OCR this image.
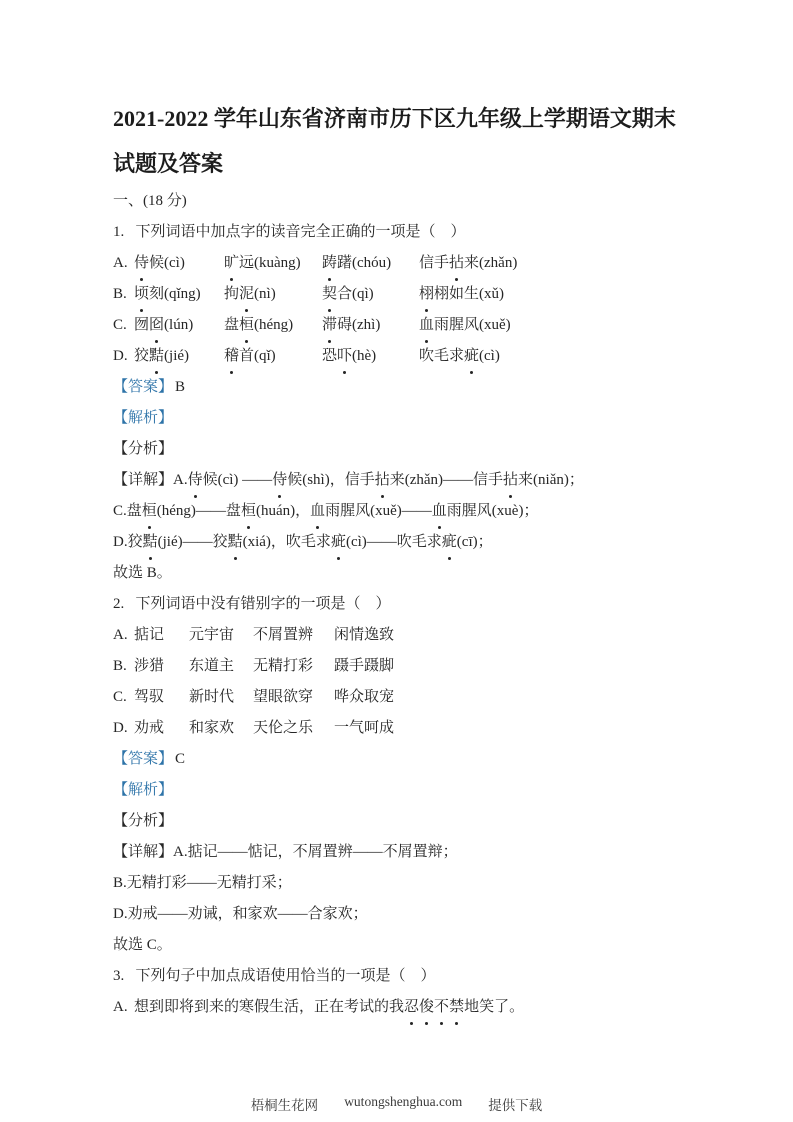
2021-2022 学年山东省济南市历下区九年级上学期语文期末
试题及答案
一、(18 分)
1.  下列词语中加点字的读音完全正确的一项是（　）
A. 侍候(cì)	旷远(kuàng)	踌躇(chóu)	信手拈来(zhǎn)
B. 顷刻(qǐng)	拘泥(nì)	契合(qì)	栩栩如生(xǔ)
C. 囫囵(lún)	盘桓(héng)	滞碍(zhì)	血雨腥风(xuě)
D. 狡黠(jié)	稽首(qǐ)	恐吓(hè)	吹毛求疵(cì)
【答案】 B
【解析】
【分析】
【详解】A.侍候(cì) ——侍候(shì)，信手拈来(zhǎn)——信手拈来(niǎn)；
C.盘桓(héng)——盘桓(huán)，血雨腥风(xuě)——血雨腥风(xuè)；
D.狡黠(jié)——狡黠(xiá)，吹毛求疵(cì)——吹毛求疵(cī)；
故选 B。
2.  下列词语中没有错别字的一项是（　）
A. 掂记	元宇宙	不屑置辨	闲情逸致
B. 涉猎	东道主	无精打彩	蹑手蹑脚
C. 驾驭	新时代	望眼欲穿	哗众取宠
D. 劝戒	和家欢	天伦之乐	一气呵成
【答案】 C
【解析】
【分析】
【详解】A.掂记——惦记，不屑置辨——不屑置辩；
B.无精打彩——无精打采；
D.劝戒——劝诫，和家欢——合家欢；
故选 C。
3.  下列句子中加点成语使用恰当的一项是（　）
A. 想到即将到来的寒假生活，正在考试的我忍俊不禁地笑了。
梧桐生花网 wutongshenghua.com 提供下载
